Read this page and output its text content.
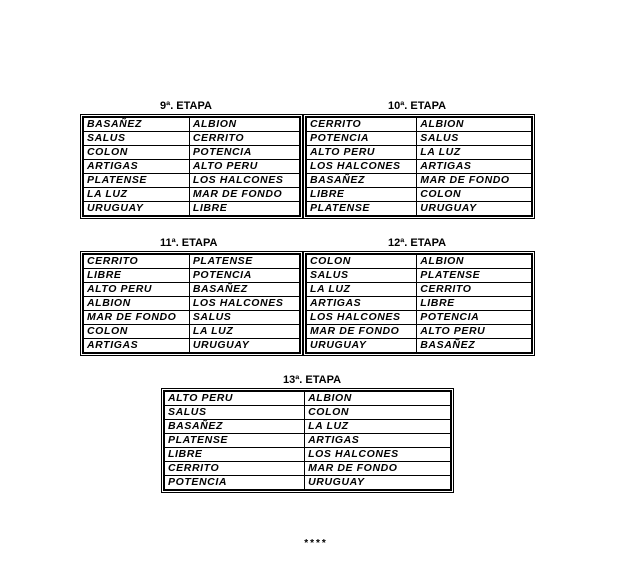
9ª. ETAPA
BASAÑEZ	ALBION
SALUS	CERRITO
COLON	POTENCIA
ARTIGAS	ALTO PERU
PLATENSE	LOS HALCONES
LA LUZ	MAR DE FONDO
URUGUAY	LIBRE
10ª. ETAPA
CERRITO	ALBION
POTENCIA	SALUS
ALTO PERU	LA LUZ
LOS HALCONES	ARTIGAS
BASAÑEZ	MAR DE FONDO
LIBRE	COLON
PLATENSE	URUGUAY
11ª. ETAPA
CERRITO	PLATENSE
LIBRE	POTENCIA
ALTO PERU	BASAÑEZ
ALBION	LOS HALCONES
MAR DE FONDO	SALUS
COLON	LA LUZ
ARTIGAS	URUGUAY
12ª. ETAPA
COLON	ALBION
SALUS	PLATENSE
LA LUZ	CERRITO
ARTIGAS	LIBRE
LOS HALCONES	POTENCIA
MAR DE FONDO	ALTO PERU
URUGUAY	BASAÑEZ
13ª. ETAPA
ALTO PERU	ALBION
SALUS	COLON
BASAÑEZ	LA LUZ
PLATENSE	ARTIGAS
LIBRE	LOS HALCONES
CERRITO	MAR DE FONDO
POTENCIA	URUGUAY
****
